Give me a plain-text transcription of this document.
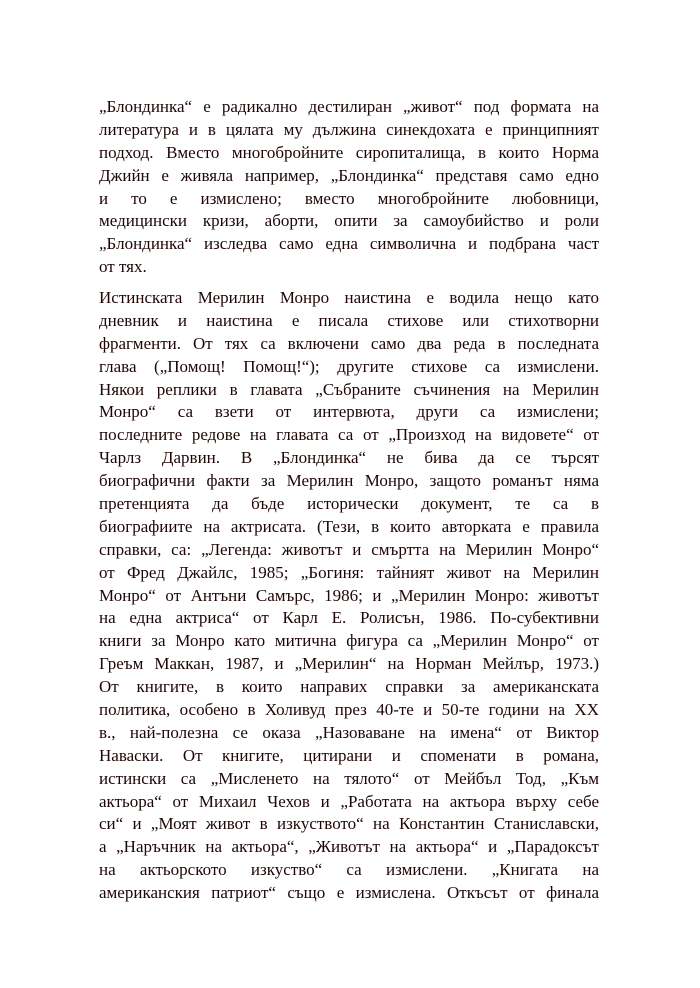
„Блондинка“ е радикално дестилиран „живот“ под формата на
литература и в цялата му дължина синекдохата е принципният
подход. Вместо многобройните сиропиталища, в които Норма
Джийн е живяла например, „Блондинка“ представя само едно
и то е измислено; вместо многобройните любовници,
медицински кризи, аборти, опити за самоубийство и роли
„Блондинка“ изследва само една символична и подбрана част
от тях.
Истинската Мерилин Монро наистина е водила нещо като
дневник и наистина е писала стихове или стихотворни
фрагменти. От тях са включени само два реда в последната
глава („Помощ! Помощ!“); другите стихове са измислени.
Някои реплики в главата „Събраните съчинения на Мерилин
Монро“ са взети от интервюта, други са измислени;
последните редове на главата са от „Произход на видовете“ от
Чарлз Дарвин. В „Блондинка“ не бива да се търсят
биографични факти за Мерилин Монро, защото романът няма
претенцията да бъде исторически документ, те са в
биографиите на актрисата. (Тези, в които авторката е правила
справки, са: „Легенда: животът и смъртта на Мерилин Монро“
от Фред Джайлс, 1985; „Богиня: тайният живот на Мерилин
Монро“ от Антъни Самърс, 1986; и „Мерилин Монро: животът
на една актриса“ от Карл Е. Ролисън, 1986. По-субективни
книги за Монро като митична фигура са „Мерилин Монро“ от
Грeъм Маккан, 1987, и „Мерилин“ на Норман Мейлър, 1973.)
От книгите, в които направих справки за американската
политика, особено в Холивуд през 40-те и 50-те години на XX
в., най-полезна се оказа „Назоваване на имена“ от Виктор
Наваски. От книгите, цитирани и споменати в романа,
истински са „Мисленето на тялото“ от Мейбъл Тод, „Към
актьора“ от Михаил Чехов и „Работата на актьора върху себе
си“ и „Моят живот в изкуството“ на Константин Станиславски,
а „Наръчник на актьора“, „Животът на актьора“ и „Парадоксът
на актьорското изкуство“ са измислени. „Книгата на
американския патриот“ също е измислена. Откъсът от финала
